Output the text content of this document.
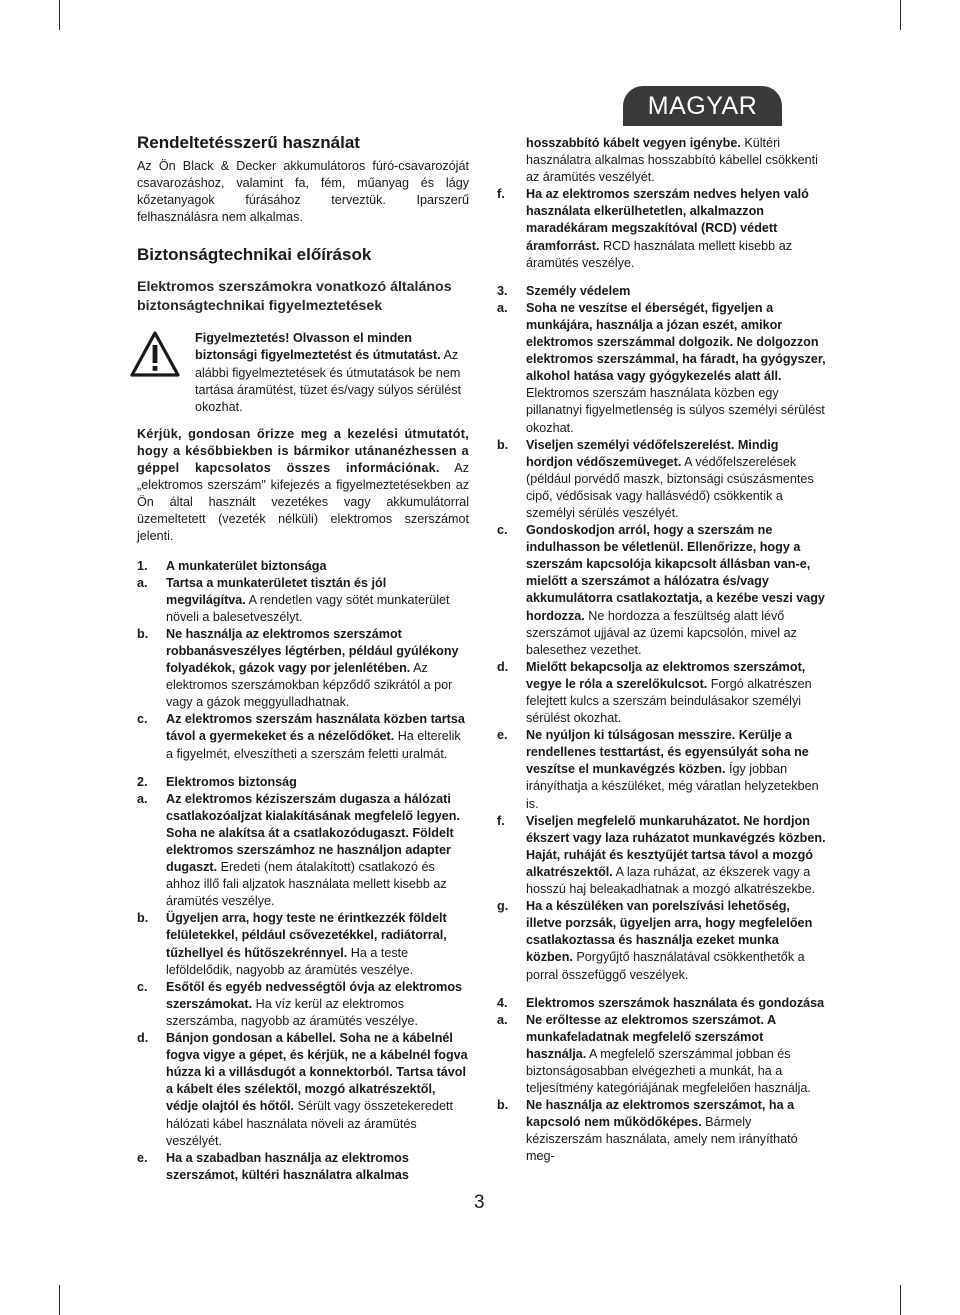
MAGYAR
Rendeltetésszerű használat

Az Ön Black & Decker akkumulátoros fúró-csavarozóját csavarozáshoz, valamint fa, fém, műanyag és lágy kőzetanyagok fúrásához terveztük. Iparszerű felhasználásra nem alkalmas.

Biztonságtechnikai előírások
Elektromos szerszámokra vonatkozó általános biztonságtechnikai figyelmeztetések

Figyelmeztetés! Olvasson el minden biztonsági figyelmeztetést és útmutatást. Az alábbi figyelmeztetések és útmutatások be nem tartása áramütést, tüzet és/vagy súlyos sérülést okozhat.

Kérjük, gondosan őrizze meg a kezelési útmutatót, hogy a későbbiekben is bármikor utánanézhessen a géppel kapcsolatos összes információnak. Az „elektromos szerszám" kifejezés a figyelmeztetésekben az Ön által használt vezetékes vagy akkumulátorral üzemeltetett (vezeték nélküli) elektromos szerszámot jelenti.

1. A munkaterület biztonsága
a. Tartsa a munkaterületet tisztán és jól megvilágítva. A rendetlen vagy sötét munkaterület növeli a balesetveszélyt.

b. Ne használja az elektromos szerszámot robbanásveszélyes légtérben, például gyúlékony folyadékok, gázok vagy por jelenlétében. Az elektromos szerszámokban képződő szikrától a por vagy a gázok meggyulladhatnak.

c. Az elektromos szerszám használata közben tartsa távol a gyermekeket és a nézelődőket. Ha elterelik a figyelmét, elveszítheti a szerszám feletti uralmát.

2. Elektromos biztonság
a. Az elektromos kéziszerszám dugasza a hálózati csatlakozóaljzat kialakításának megfelelő legyen. Soha ne alakítsa át a csatlakozódugaszt. Földelt elektromos szerszámhoz ne használjon adapter dugaszt. Eredeti (nem átalakított) csatlakozó és ahhoz illő fali aljzatok használata mellett kisebb az áramütés veszélye.

b. Ügyeljen arra, hogy teste ne érintkezzék földelt felületekkel, például csővezetékkel, radiátorral, tűzhellyel és hűtőszekrénnyel. Ha a teste leföldelődik, nagyobb az áramütés veszélye.

c. Esőtől és egyéb nedvességtől óvja az elektromos szerszámokat. Ha víz kerül az elektromos szerszámba, nagyobb az áramütés veszélye.

d. Bánjon gondosan a kábellel. Soha ne a kábelnél fogva vigye a gépet, és kérjük, ne a kábelnél fogva húzza ki a villásdugót a konnektorból. Tartsa távol a kábelt éles szélektől, mozgó alkatrészektől, védje olajtól és hőtől. Sérült vagy összetekeredett hálózati kábel használata növeli az áramütés veszélyét.

e. Ha a szabadban használja az elektromos szerszámot, kültéri használatra alkalmas

hosszabbító kábelt vegyen igénybe. Kültéri használatra alkalmas hosszabbító kábellel csökkenti az áramütés veszélyét.

f. Ha az elektromos szerszám nedves helyen való használata elkerülhetetlen, alkalmazzon maradékáram megszakítóval (RCD) védett áramforrást. RCD használata mellett kisebb az áramütés veszélye.

3. Személy védelem
a. Soha ne veszítse el éberségét, figyeljen a munkájára, használja a józan eszét, amikor elektromos szerszámmal dolgozik. Ne dolgozzon elektromos szerszámmal, ha fáradt, ha gyógyszer, alkohol hatása vagy gyógykezelés alatt áll. Elektromos szerszám használata közben egy pillanatnyi figyelmetlenség is súlyos személyi sérülést okozhat.

b. Viseljen személyi védőfelszerelést. Mindig hordjon védőszemüveget. A védőfelszerelések (például porvédő maszk, biztonsági csúszásmentes cipő, védősisak vagy hallásvédő) csökkentik a személyi sérülés veszélyét.

c. Gondoskodjon arról, hogy a szerszám ne indulhasson be véletlenül. Ellenőrizze, hogy a szerszám kapcsolója kikapcsolt állásban van-e, mielőtt a szerszámot a hálózatra és/vagy akkumulátorra csatlakoztatja, a kezébe veszi vagy hordozza. Ne hordozza a feszültség alatt lévő szerszámot ujjával az üzemi kapcsolón, mivel az balesethez vezethet.

d. Mielőtt bekapcsolja az elektromos szerszámot, vegye le róla a szerelőkulcsot. Forgó alkatrészen felejtett kulcs a szerszám beindulásakor személyi sérülést okozhat.

e. Ne nyúljon ki túlságosan messzire. Kerülje a rendellenes testtartást, és egyensúlyát soha ne veszítse el munkavégzés közben. Így jobban irányíthatja a készüléket, még váratlan helyzetekben is.

f. Viseljen megfelelő munkaruházatot. Ne hordjon ékszert vagy laza ruházatot munkavégzés közben. Haját, ruháját és kesztyűjét tartsa távol a mozgó alkatrészektől. A laza ruházat, az ékszerek vagy a hosszú haj beleakadhatnak a mozgó alkatrészekbe.

g. Ha a készüléken van porelszívási lehetőség, illetve porzsák, ügyeljen arra, hogy megfelelően csatlakoztassa és használja ezeket munka közben. Porgyűjtő használatával csökkenthetők a porral összefüggő veszélyek.

4. Elektromos szerszámok használata és gondozása
a. Ne erőltesse az elektromos szerszámot. A munkafeladatnak megfelelő szerszámot használja. A megfelelő szerszámmal jobban és biztonságosabban elvégezheti a munkát, ha a teljesítmény kategóriájának megfelelően használja.

b. Ne használja az elektromos szerszámot, ha a kapcsoló nem működőképes. Bármely kéziszerszám használata, amely nem irányítható meg-

3
